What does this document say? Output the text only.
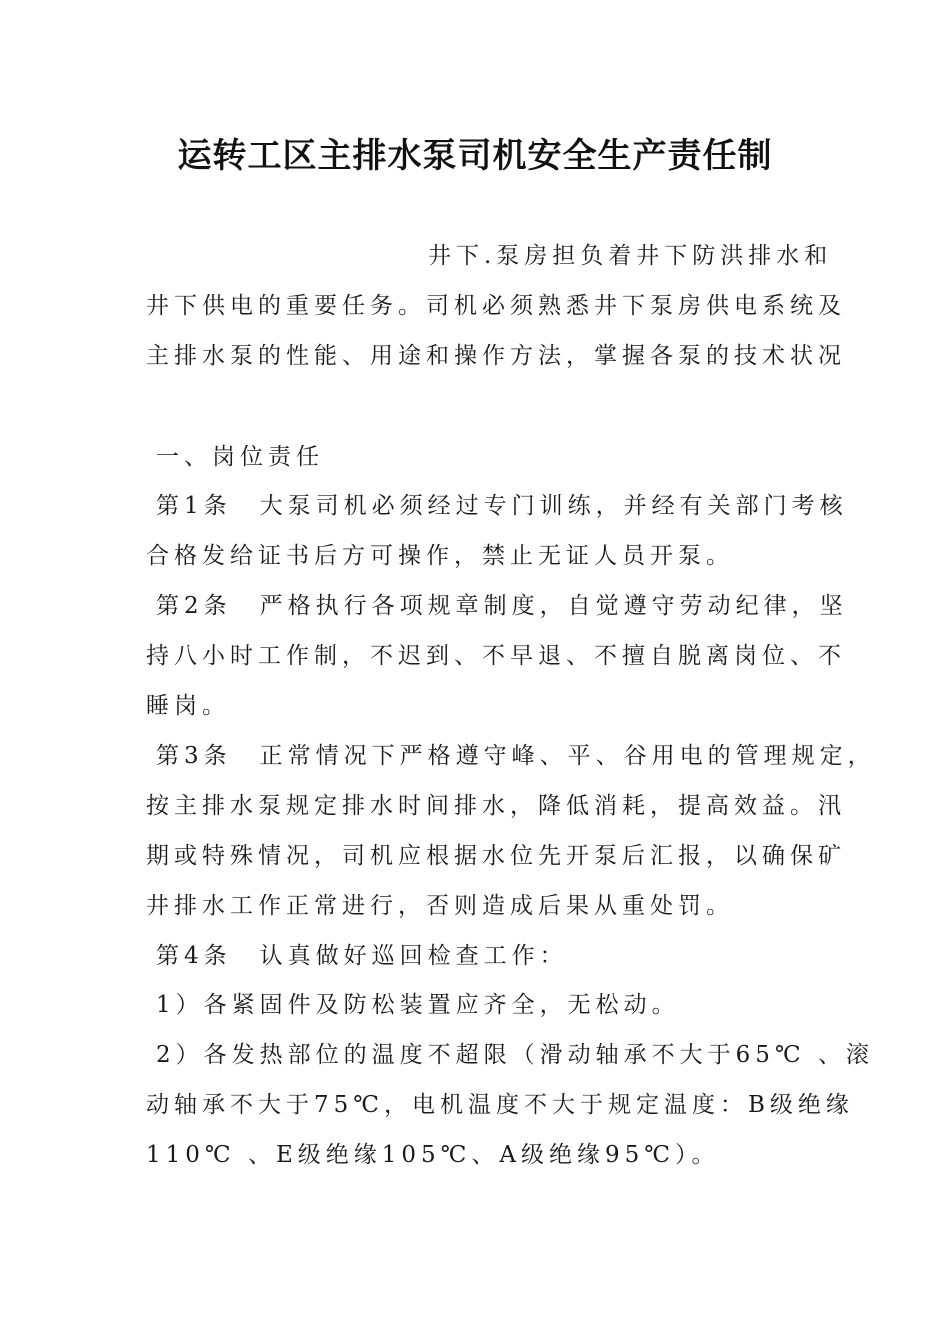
运转工区主排水泵司机安全生产责任制
井下.泵房担负着井下防洪排水和
井下供电的重要任务。司机必须熟悉井下泵房供电系统及
主排水泵的性能、用途和操作方法，掌握各泵的技术状况
一、岗位责任
第1条　大泵司机必须经过专门训练，并经有关部门考核
合格发给证书后方可操作，禁止无证人员开泵。
第2条　严格执行各项规章制度，自觉遵守劳动纪律，坚
持八小时工作制，不迟到、不早退、不擅自脱离岗位、不
睡岗。
第3条　正常情况下严格遵守峰、平、谷用电的管理规定，
按主排水泵规定排水时间排水，降低消耗，提高效益。汛
期或特殊情况，司机应根据水位先开泵后汇报，以确保矿
井排水工作正常进行，否则造成后果从重处罚。
第4条　认真做好巡回检查工作：
1）各紧固件及防松装置应齐全，无松动。
2）各发热部位的温度不超限（滑动轴承不大于65℃ 、滚
动轴承不大于75℃，电机温度不大于规定温度：B级绝缘
110℃ 、E级绝缘105℃、A级绝缘95℃）。
